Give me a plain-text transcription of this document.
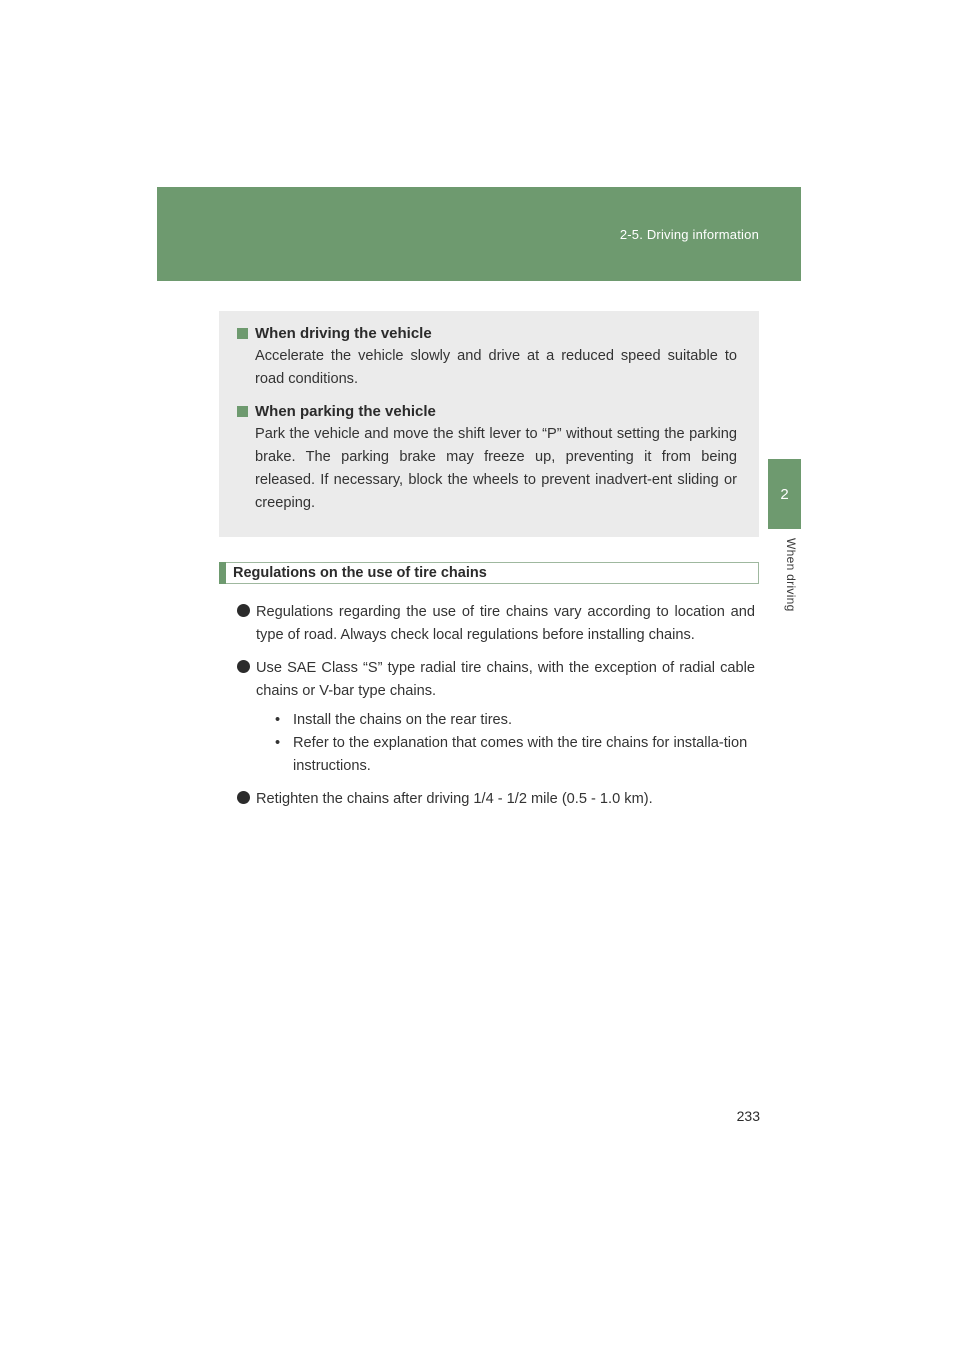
2-5. Driving information
2
When driving
When driving the vehicle
Accelerate the vehicle slowly and drive at a reduced speed suitable to road conditions.
When parking the vehicle
Park the vehicle and move the shift lever to “P” without setting the parking brake. The parking brake may freeze up, preventing it from being released. If necessary, block the wheels to prevent inadvert-ent sliding or creeping.
Regulations on the use of tire chains
Regulations regarding the use of tire chains vary according to location and type of road. Always check local regulations before installing chains.
Use SAE Class “S” type radial tire chains, with the exception of radial cable chains or V-bar type chains.
• Install the chains on the rear tires.
• Refer to the explanation that comes with the tire chains for installa-tion instructions.
Retighten the chains after driving 1/4 - 1/2 mile (0.5 - 1.0 km).
233
